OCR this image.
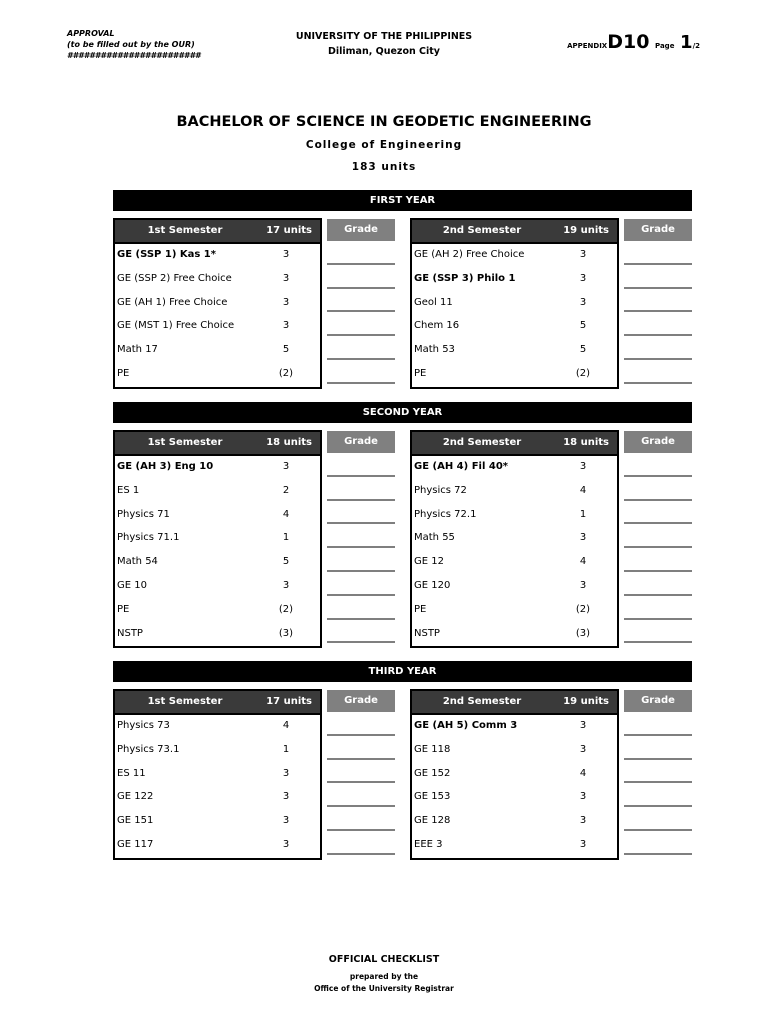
APPROVAL
(to be filled out by the OUR)
########################
UNIVERSITY OF THE PHILIPPINES
Diliman, Quezon City	APPENDIXD10 Page 1/2
BACHELOR OF SCIENCE IN GEODETIC ENGINEERING
College of Engineering
183 units
FIRST YEAR
1st Semester	17 units
GE (SSP 1) Kas 1*	3
GE (SSP 2) Free Choice	3
GE (AH 1) Free Choice	3
GE (MST 1) Free Choice	3
Math 17	5
PE	(2)
Grade	2nd Semester	19 units
GE (AH 2) Free Choice	3
GE (SSP 3) Philo 1	3
Geol 11	3
Chem 16	5
Math 53	5
PE	(2)
Grade
SECOND YEAR
1st Semester	18 units
GE (AH 3) Eng 10	3
ES 1	2
Physics 71	4
Physics 71.1	1
Math 54	5
GE 10	3
PE	(2)
NSTP	(3)
Grade	2nd Semester	18 units
GE (AH 4) Fil 40*	3
Physics 72	4
Physics 72.1	1
Math 55	3
GE 12	4
GE 120	3
PE	(2)
NSTP	(3)
Grade
THIRD YEAR
1st Semester	17 units
Physics 73	4
Physics 73.1	1
ES 11	3
GE 122	3
GE 151	3
GE 117	3
Grade	2nd Semester	19 units
GE (AH 5) Comm 3	3
GE 118	3
GE 152	4
GE 153	3
GE 128	3
EEE 3	3
Grade
OFFICIAL CHECKLIST
prepared by the
Office of the University Registrar
